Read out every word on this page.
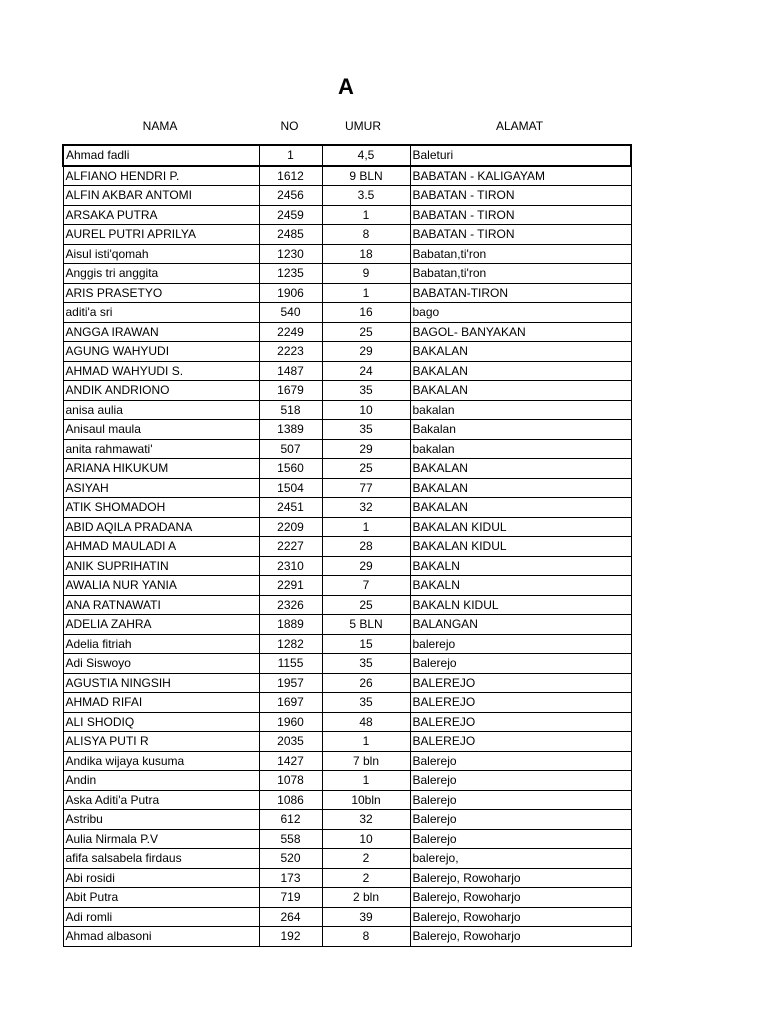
A
NAMA	NO	UMUR	ALAMAT
Ahmad fadli	1	4,5	Baleturi
ALFIANO HENDRI P.	1612	9 BLN	BABATAN - KALIGAYAM
ALFIN AKBAR ANTOMI	2456	3.5	BABATAN - TIRON
ARSAKA PUTRA	2459	1	BABATAN - TIRON
AUREL PUTRI APRILYA	2485	8	BABATAN - TIRON
Aisul isti'qomah	1230	18	Babatan,ti'ron
Anggis tri anggita	1235	9	Babatan,ti'ron
ARIS PRASETYO	1906	1	BABATAN-TIRON
aditi'a sri	540	16	bago
ANGGA IRAWAN	2249	25	BAGOL- BANYAKAN
AGUNG WAHYUDI	2223	29	BAKALAN
AHMAD WAHYUDI S.	1487	24	BAKALAN
ANDIK ANDRIONO	1679	35	BAKALAN
anisa aulia	518	10	bakalan
Anisaul maula	1389	35	Bakalan
anita rahmawati'	507	29	bakalan
ARIANA HIKUKUM	1560	25	BAKALAN
ASIYAH	1504	77	BAKALAN
ATIK SHOMADOH	2451	32	BAKALAN
ABID AQILA PRADANA	2209	1	BAKALAN KIDUL
AHMAD MAULADI A	2227	28	BAKALAN KIDUL
ANIK SUPRIHATIN	2310	29	BAKALN
AWALIA NUR YANIA	2291	7	BAKALN
ANA RATNAWATI	2326	25	BAKALN KIDUL
ADELIA ZAHRA	1889	5 BLN	BALANGAN
Adelia fitriah	1282	15	balerejo
Adi Siswoyo	1155	35	Balerejo
AGUSTIA NINGSIH	1957	26	BALEREJO
AHMAD RIFAI	1697	35	BALEREJO
ALI SHODIQ	1960	48	BALEREJO
ALISYA PUTI R	2035	1	BALEREJO
Andika wijaya kusuma	1427	7 bln	Balerejo
Andin	1078	1	Balerejo
Aska Aditi'a Putra	1086	10bln	Balerejo
Astribu	612	32	Balerejo
Aulia Nirmala P.V	558	10	Balerejo
afifa salsabela firdaus	520	2	balerejo,
Abi rosidi	173	2	Balerejo, Rowoharjo
Abit Putra	719	2 bln	Balerejo, Rowoharjo
Adi romli	264	39	Balerejo, Rowoharjo
Ahmad albasoni	192	8	Balerejo, Rowoharjo
